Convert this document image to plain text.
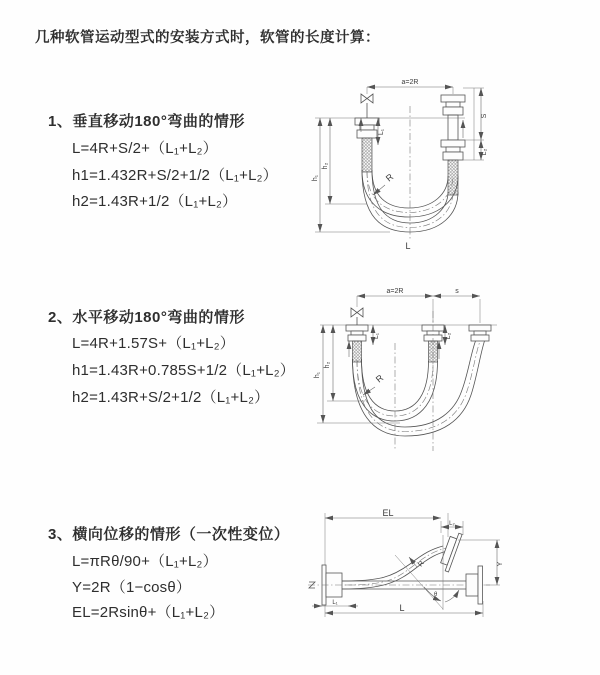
几种软管运动型式的安装方式时，软管的长度计算：
1、垂直移动180°弯曲的情形
L=4R+S/2+（L₁+L₂）
h1=1.432R+S/2+1/2（L₁+L₂）
h2=1.43R+1/2（L₁+L₂）
2、水平移动180°弯曲的情形
L=4R+1.57S+（L₁+L₂）
h1=1.43R+0.785S+1/2（L₁+L₂）
h2=1.43R+S/2+1/2（L₁+L₂）
3、横向位移的情形（一次性变位）
L=πRθ/90+（L₁+L₂）
Y=2R（1−cosθ）
EL=2Rsinθ+（L₁+L₂）
a=2R
h₁
h₂
L₁
S
L₂
R
L
a=2R	s
h₁
h₂
L₁	L₂
R
EL
L₂
Y
θ
R
L₁	L
